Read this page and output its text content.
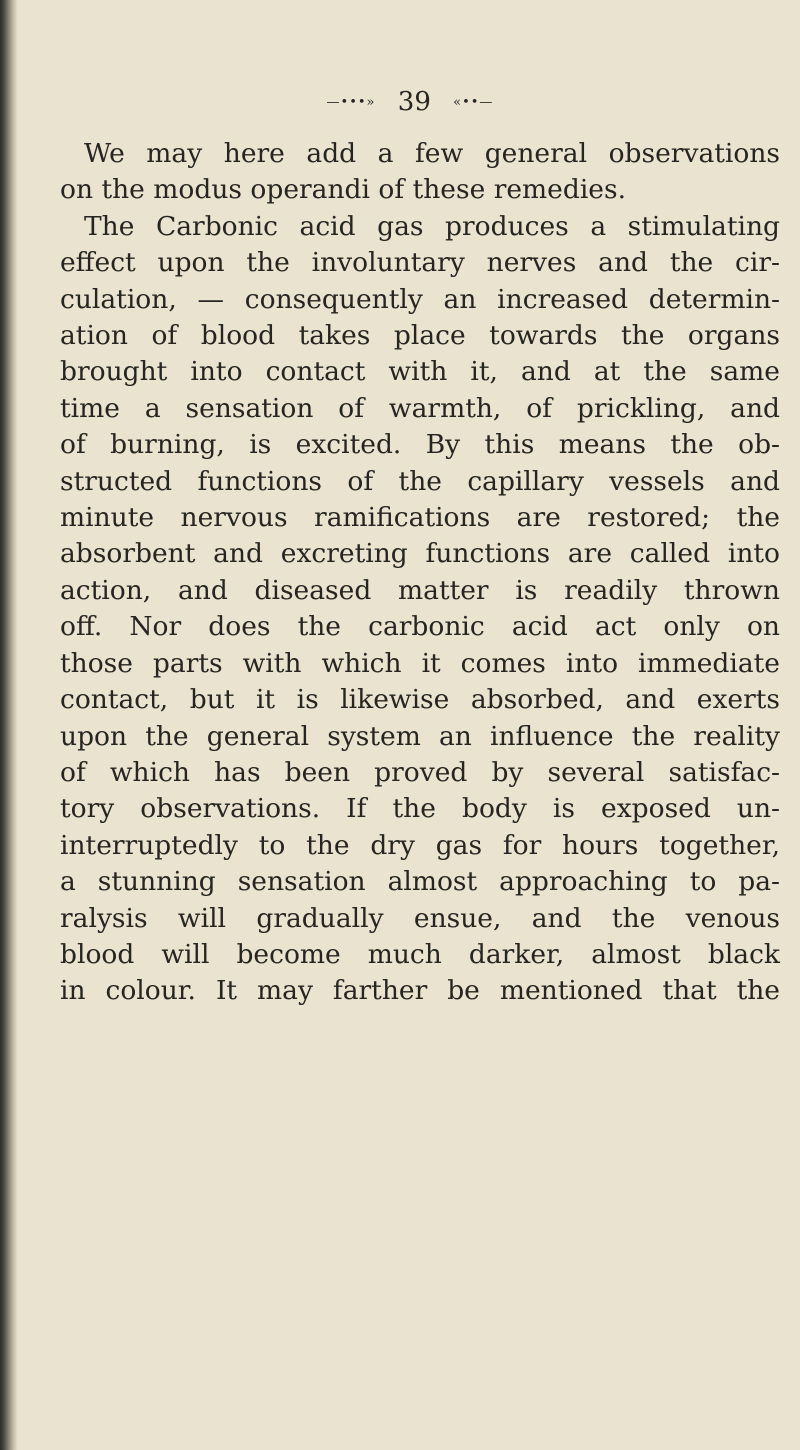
—•••» 39 «••—
We may here add a few general observations
on the modus operandi of these remedies.
The Carbonic acid gas produces a stimulating
effect upon the involuntary nerves and the cir-
culation, — consequently an increased determin-
ation of blood takes place towards the organs
brought into contact with it, and at the same
time a sensation of warmth, of prickling, and
of burning, is excited. By this means the ob-
structed functions of the capillary vessels and
minute nervous ramifications are restored; the
absorbent and excreting functions are called into
action, and diseased matter is readily thrown
off. Nor does the carbonic acid act only on
those parts with which it comes into immediate
contact, but it is likewise absorbed, and exerts
upon the general system an influence the reality
of which has been proved by several satisfac-
tory observations. If the body is exposed un-
interruptedly to the dry gas for hours together,
a stunning sensation almost approaching to pa-
ralysis will gradually ensue, and the venous
blood will become much darker, almost black
in colour. It may farther be mentioned that the
